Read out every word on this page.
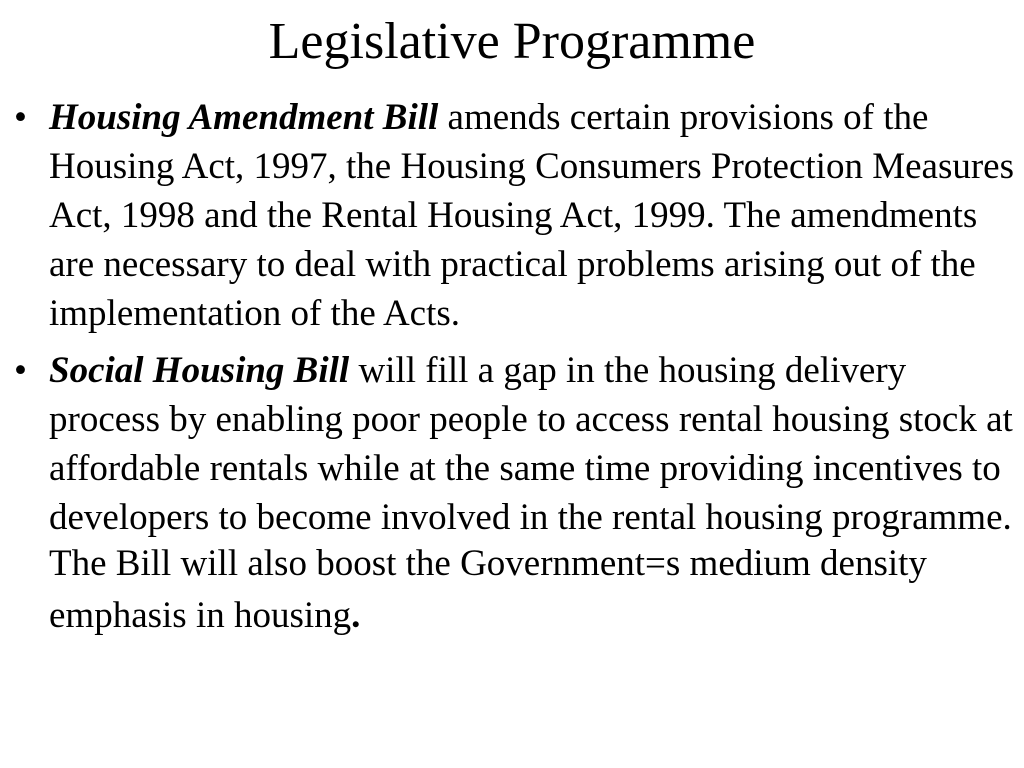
Legislative Programme
• Housing Amendment Bill amends certain provisions of the Housing Act, 1997, the Housing Consumers Protection Measures Act, 1998 and the Rental Housing Act, 1999. The amendments are necessary to deal with practical problems arising out of the implementation of the Acts.
• Social Housing Bill will fill a gap in the housing delivery process by enabling poor people to access rental housing stock at affordable rentals while at the same time providing incentives to developers to become involved in the rental housing programme.
The Bill will also boost the Government=s medium density emphasis in housing.
